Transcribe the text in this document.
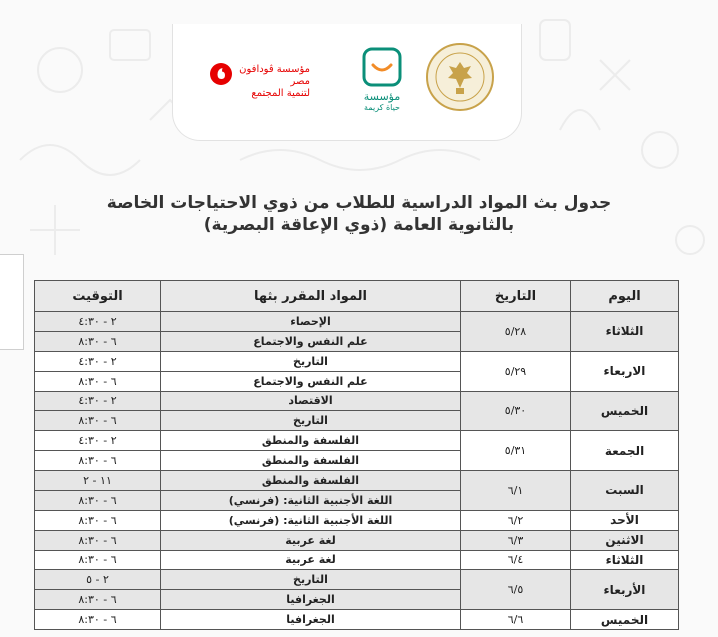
مؤسسة ڤودافون
مصر
لتنمية المجتمع	مؤسسة
حياة كريمة
جدول بث المواد الدراسية للطلاب من ذوي الاحتياجات الخاصة
بالثانوية العامة (ذوي الإعاقة البصرية)
اليوم	التاريخ	المواد المقرر بثها	التوقيت
الثلاثاء	٥/٢٨	الإحصاء	٢ - ٤:٣٠
		علم النفس والاجتماع	٦ - ٨:٣٠
الاربعاء	٥/٢٩	التاريخ	٢ - ٤:٣٠
		علم النفس والاجتماع	٦ - ٨:٣٠
الخميس	٥/٣٠	الاقتصاد	٢ - ٤:٣٠
		التاريخ	٦ - ٨:٣٠
الجمعة	٥/٣١	الفلسفة والمنطق	٢ - ٤:٣٠
		الفلسفة والمنطق	٦ - ٨:٣٠
السبت	٦/١	الفلسفة والمنطق	١١ - ٢
		اللغة الأجنبية الثانية: (فرنسي)	٦ - ٨:٣٠
الأحد	٦/٢	اللغة الأجنبية الثانية: (فرنسي)	٦ - ٨:٣٠
الاثنين	٦/٣	لغة عربية	٦ - ٨:٣٠
الثلاثاء	٦/٤	لغة عربية	٦ - ٨:٣٠
الأربعاء	٦/٥	التاريخ	٢ - ٥
		الجغرافيا	٦ - ٨:٣٠
الخميس	٦/٦	الجغرافيا	٦ - ٨:٣٠
